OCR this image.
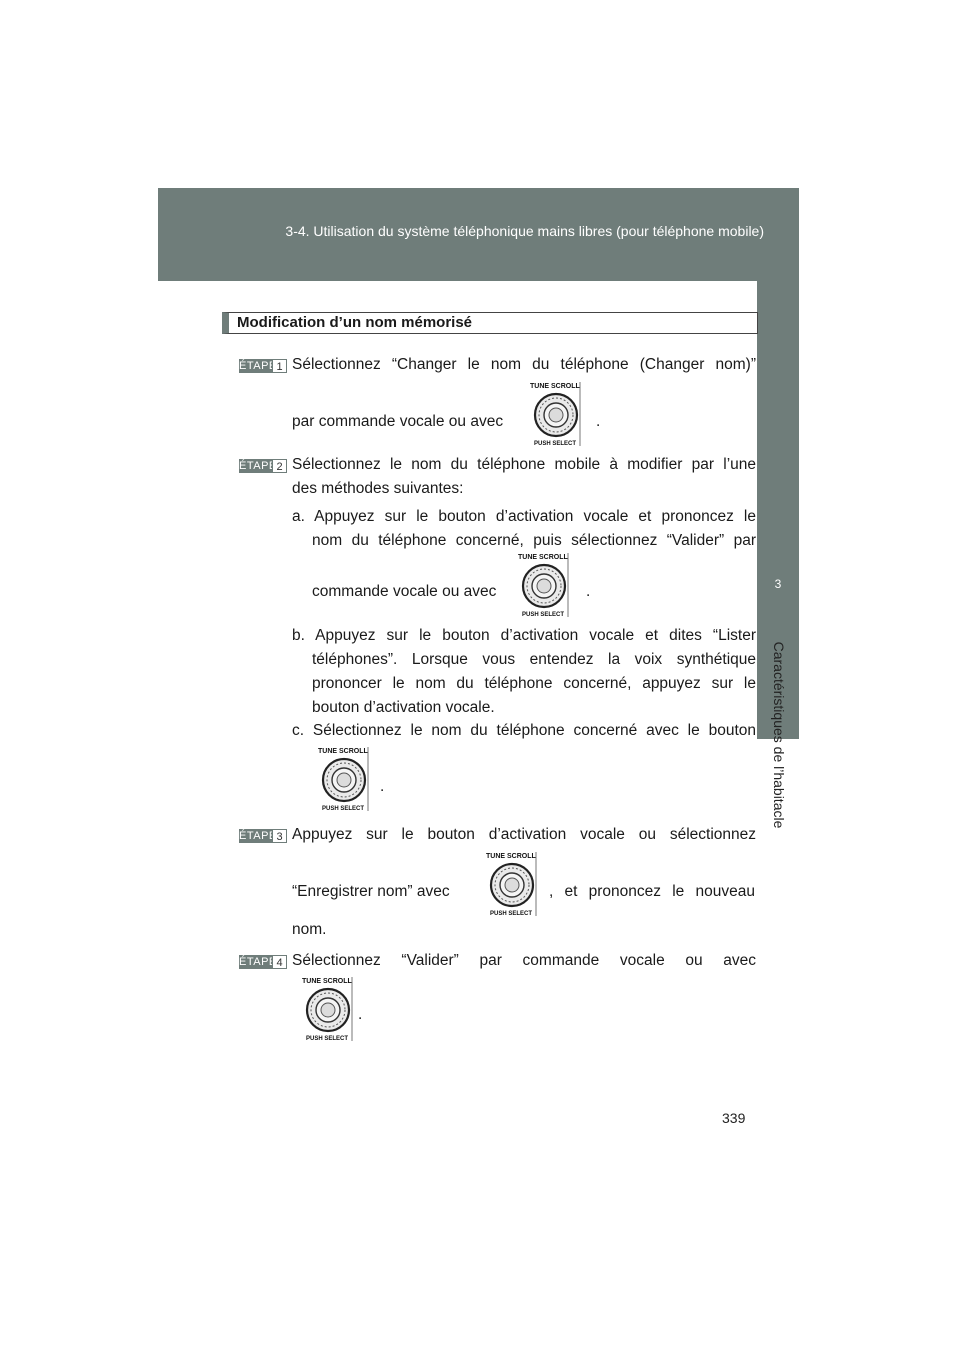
3-4. Utilisation du système téléphonique mains libres (pour téléphone mobile)
3
Caractéristiques de l’habitacle
Modification d’un nom mémorisé
ÉTAPE 1 Sélectionnez “Changer le nom du téléphone (Changer nom)”
par commande vocale ou avec
TUNE SCROLL
PUSH SELECT
.
ÉTAPE 2 Sélectionnez le nom du téléphone mobile à modifier par l’une
des méthodes suivantes:
a. Appuyez sur le bouton d’activation vocale et prononcez le
nom du téléphone concerné, puis sélectionnez “Valider” par
commande vocale ou avec
TUNE SCROLL
PUSH SELECT
.
b. Appuyez sur le bouton d’activation vocale et dites “Lister
téléphones”. Lorsque vous entendez la voix synthétique
prononcer le nom du téléphone concerné, appuyez sur le
bouton d’activation vocale.
c. Sélectionnez le nom du téléphone concerné avec le bouton
TUNE SCROLL
PUSH SELECT
.
ÉTAPE 3 Appuyez sur le bouton d’activation vocale ou sélectionnez
“Enregistrer nom” avec
TUNE SCROLL
PUSH SELECT
, et prononcez le nouveau
nom.
ÉTAPE 4 Sélectionnez “Valider” par commande vocale ou avec
TUNE SCROLL
PUSH SELECT
.
339
